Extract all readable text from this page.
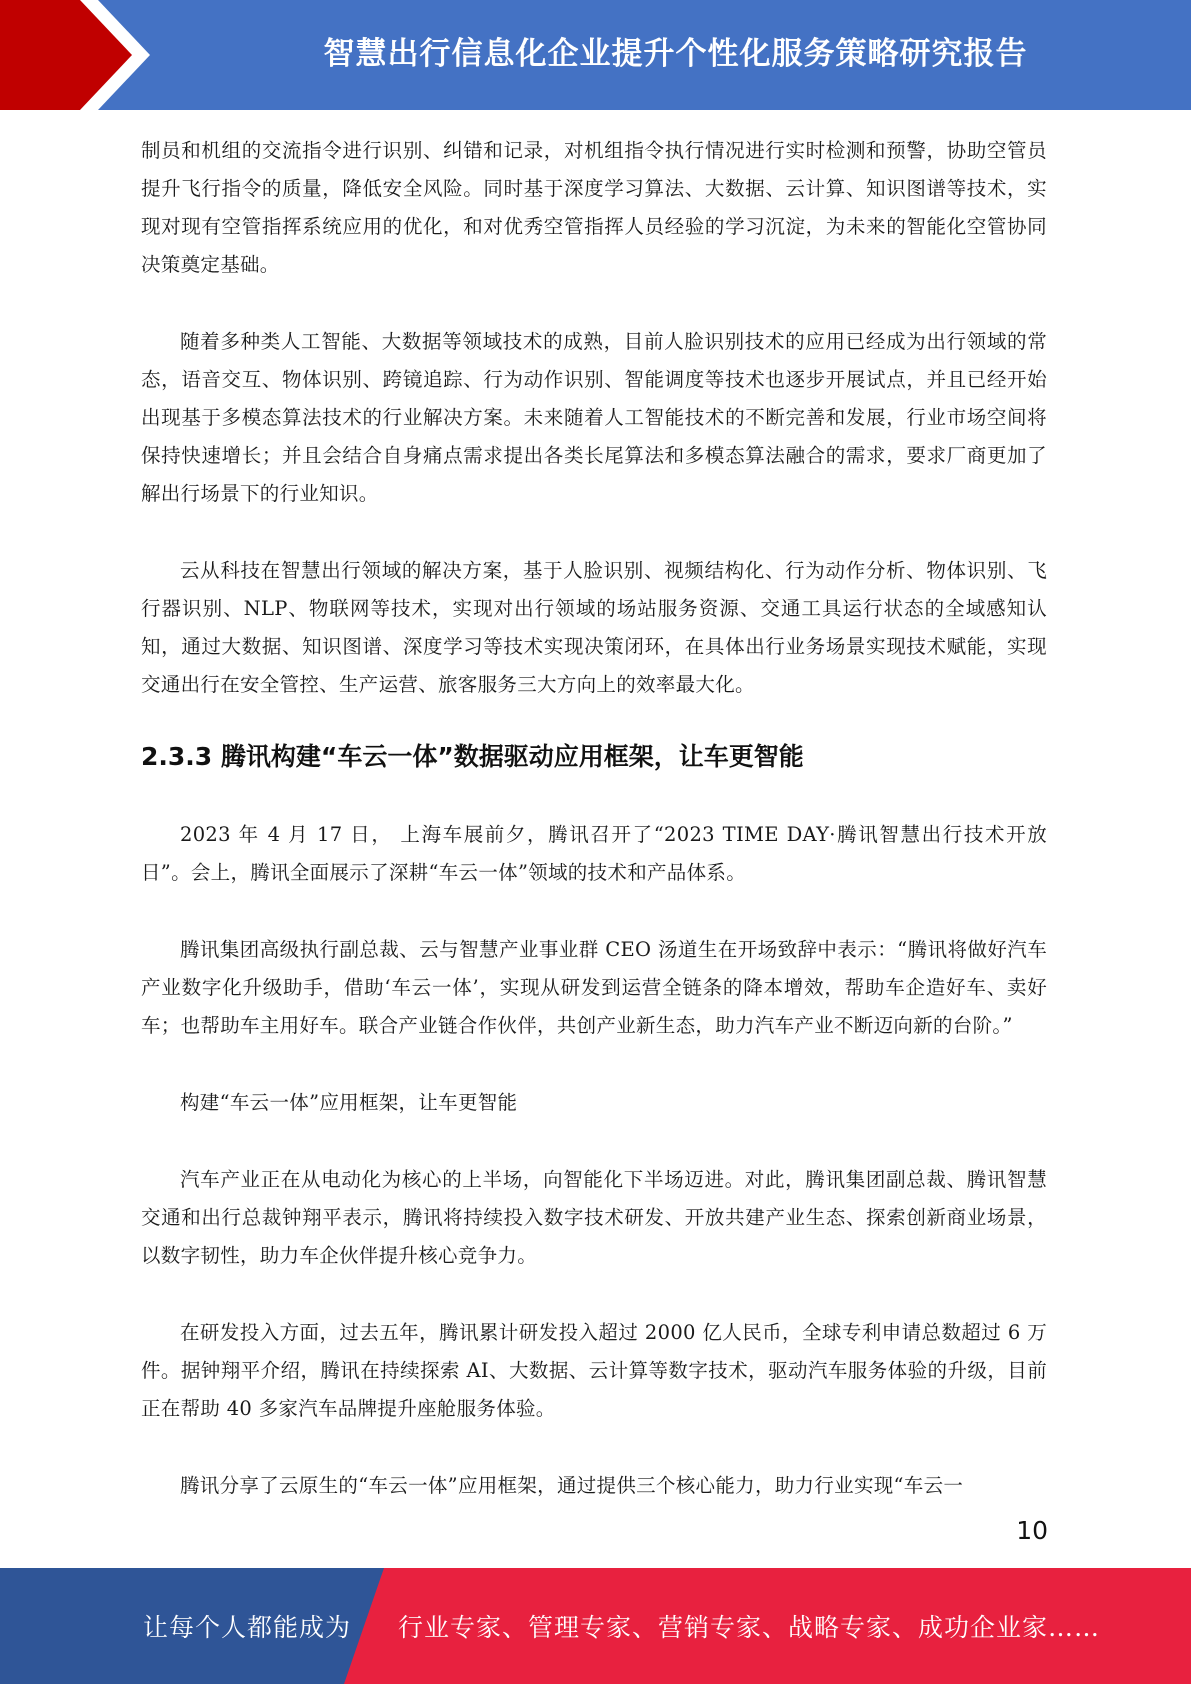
智慧出行信息化企业提升个性化服务策略研究报告

制员和机组的交流指令进行识别、纠错和记录，对机组指令执行情况进行实时检测和预警，协助空管员提升飞行指令的质量，降低安全风险。同时基于深度学习算法、大数据、云计算、知识图谱等技术，实现对现有空管指挥系统应用的优化，和对优秀空管指挥人员经验的学习沉淀，为未来的智能化空管协同决策奠定基础。

随着多种类人工智能、大数据等领域技术的成熟，目前人脸识别技术的应用已经成为出行领域的常态，语音交互、物体识别、跨镜追踪、行为动作识别、智能调度等技术也逐步开展试点，并且已经开始出现基于多模态算法技术的行业解决方案。未来随着人工智能技术的不断完善和发展，行业市场空间将保持快速增长；并且会结合自身痛点需求提出各类长尾算法和多模态算法融合的需求，要求厂商更加了解出行场景下的行业知识。

云从科技在智慧出行领域的解决方案，基于人脸识别、视频结构化、行为动作分析、物体识别、飞行器识别、NLP、物联网等技术，实现对出行领域的场站服务资源、交通工具运行状态的全域感知认知，通过大数据、知识图谱、深度学习等技术实现决策闭环，在具体出行业务场景实现技术赋能，实现交通出行在安全管控、生产运营、旅客服务三大方向上的效率最大化。

2.3.3 腾讯构建“车云一体”数据驱动应用框架，让车更智能

2023 年 4 月 17 日， 上海车展前夕，腾讯召开了“2023 TIME DAY·腾讯智慧出行技术开放日”。会上，腾讯全面展示了深耕“车云一体”领域的技术和产品体系。

腾讯集团高级执行副总裁、云与智慧产业事业群 CEO 汤道生在开场致辞中表示：“腾讯将做好汽车产业数字化升级助手，借助‘车云一体’，实现从研发到运营全链条的降本增效，帮助车企造好车、卖好车；也帮助车主用好车。联合产业链合作伙伴，共创产业新生态，助力汽车产业不断迈向新的台阶。”

构建“车云一体”应用框架，让车更智能

汽车产业正在从电动化为核心的上半场，向智能化下半场迈进。对此，腾讯集团副总裁、腾讯智慧交通和出行总裁钟翔平表示，腾讯将持续投入数字技术研发、开放共建产业生态、探索创新商业场景，以数字韧性，助力车企伙伴提升核心竞争力。

在研发投入方面，过去五年，腾讯累计研发投入超过 2000 亿人民币，全球专利申请总数超过 6 万件。据钟翔平介绍，腾讯在持续探索 AI、大数据、云计算等数字技术，驱动汽车服务体验的升级，目前正在帮助 40 多家汽车品牌提升座舱服务体验。

腾讯分享了云原生的“车云一体”应用框架，通过提供三个核心能力，助力行业实现“车云一

10
让每个人都能成为 行业专家、管理专家、营销专家、战略专家、成功企业家……
